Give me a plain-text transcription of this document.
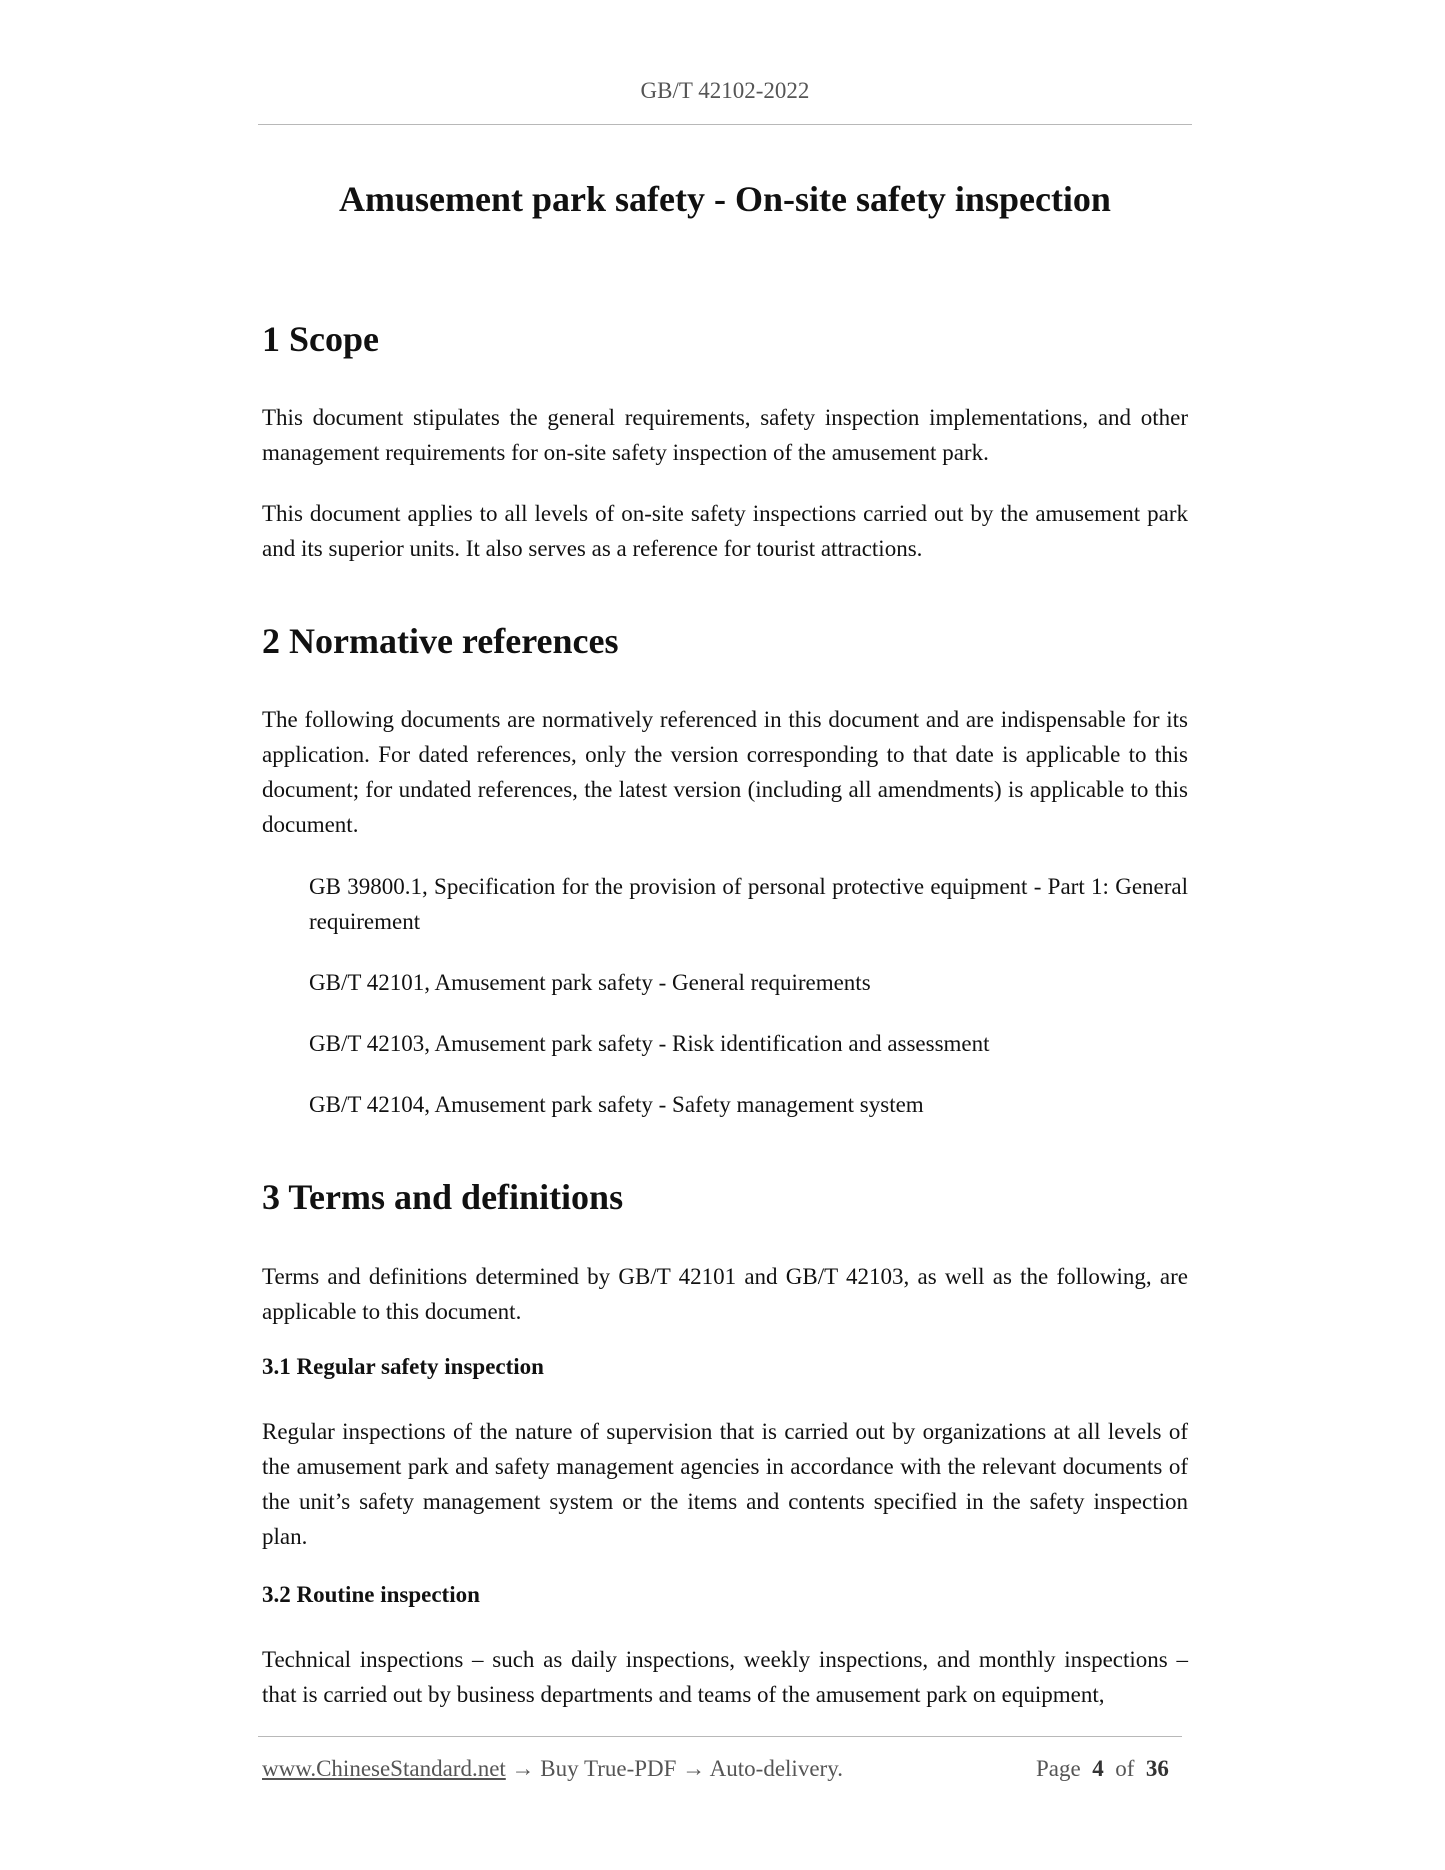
GB/T 42102-2022
Amusement park safety - On-site safety inspection
1 Scope

This document stipulates the general requirements, safety inspection implementations, and other management requirements for on-site safety inspection of the amusement park.

This document applies to all levels of on-site safety inspections carried out by the amusement park and its superior units. It also serves as a reference for tourist attractions.

2 Normative references

The following documents are normatively referenced in this document and are indispensable for its application. For dated references, only the version corresponding to that date is applicable to this document; for undated references, the latest version (including all amendments) is applicable to this document.

GB 39800.1, Specification for the provision of personal protective equipment - Part 1: General requirement

GB/T 42101, Amusement park safety - General requirements

GB/T 42103, Amusement park safety - Risk identification and assessment

GB/T 42104, Amusement park safety - Safety management system

3 Terms and definitions

Terms and definitions determined by GB/T 42101 and GB/T 42103, as well as the following, are applicable to this document.

3.1 Regular safety inspection

Regular inspections of the nature of supervision that is carried out by organizations at all levels of the amusement park and safety management agencies in accordance with the relevant documents of the unit’s safety management system or the items and contents specified in the safety inspection plan.

3.2 Routine inspection

Technical inspections – such as daily inspections, weekly inspections, and monthly inspections – that is carried out by business departments and teams of the amusement park on equipment,

www.ChineseStandard.net → Buy True-PDF → Auto-delivery.	Page 4 of 36
